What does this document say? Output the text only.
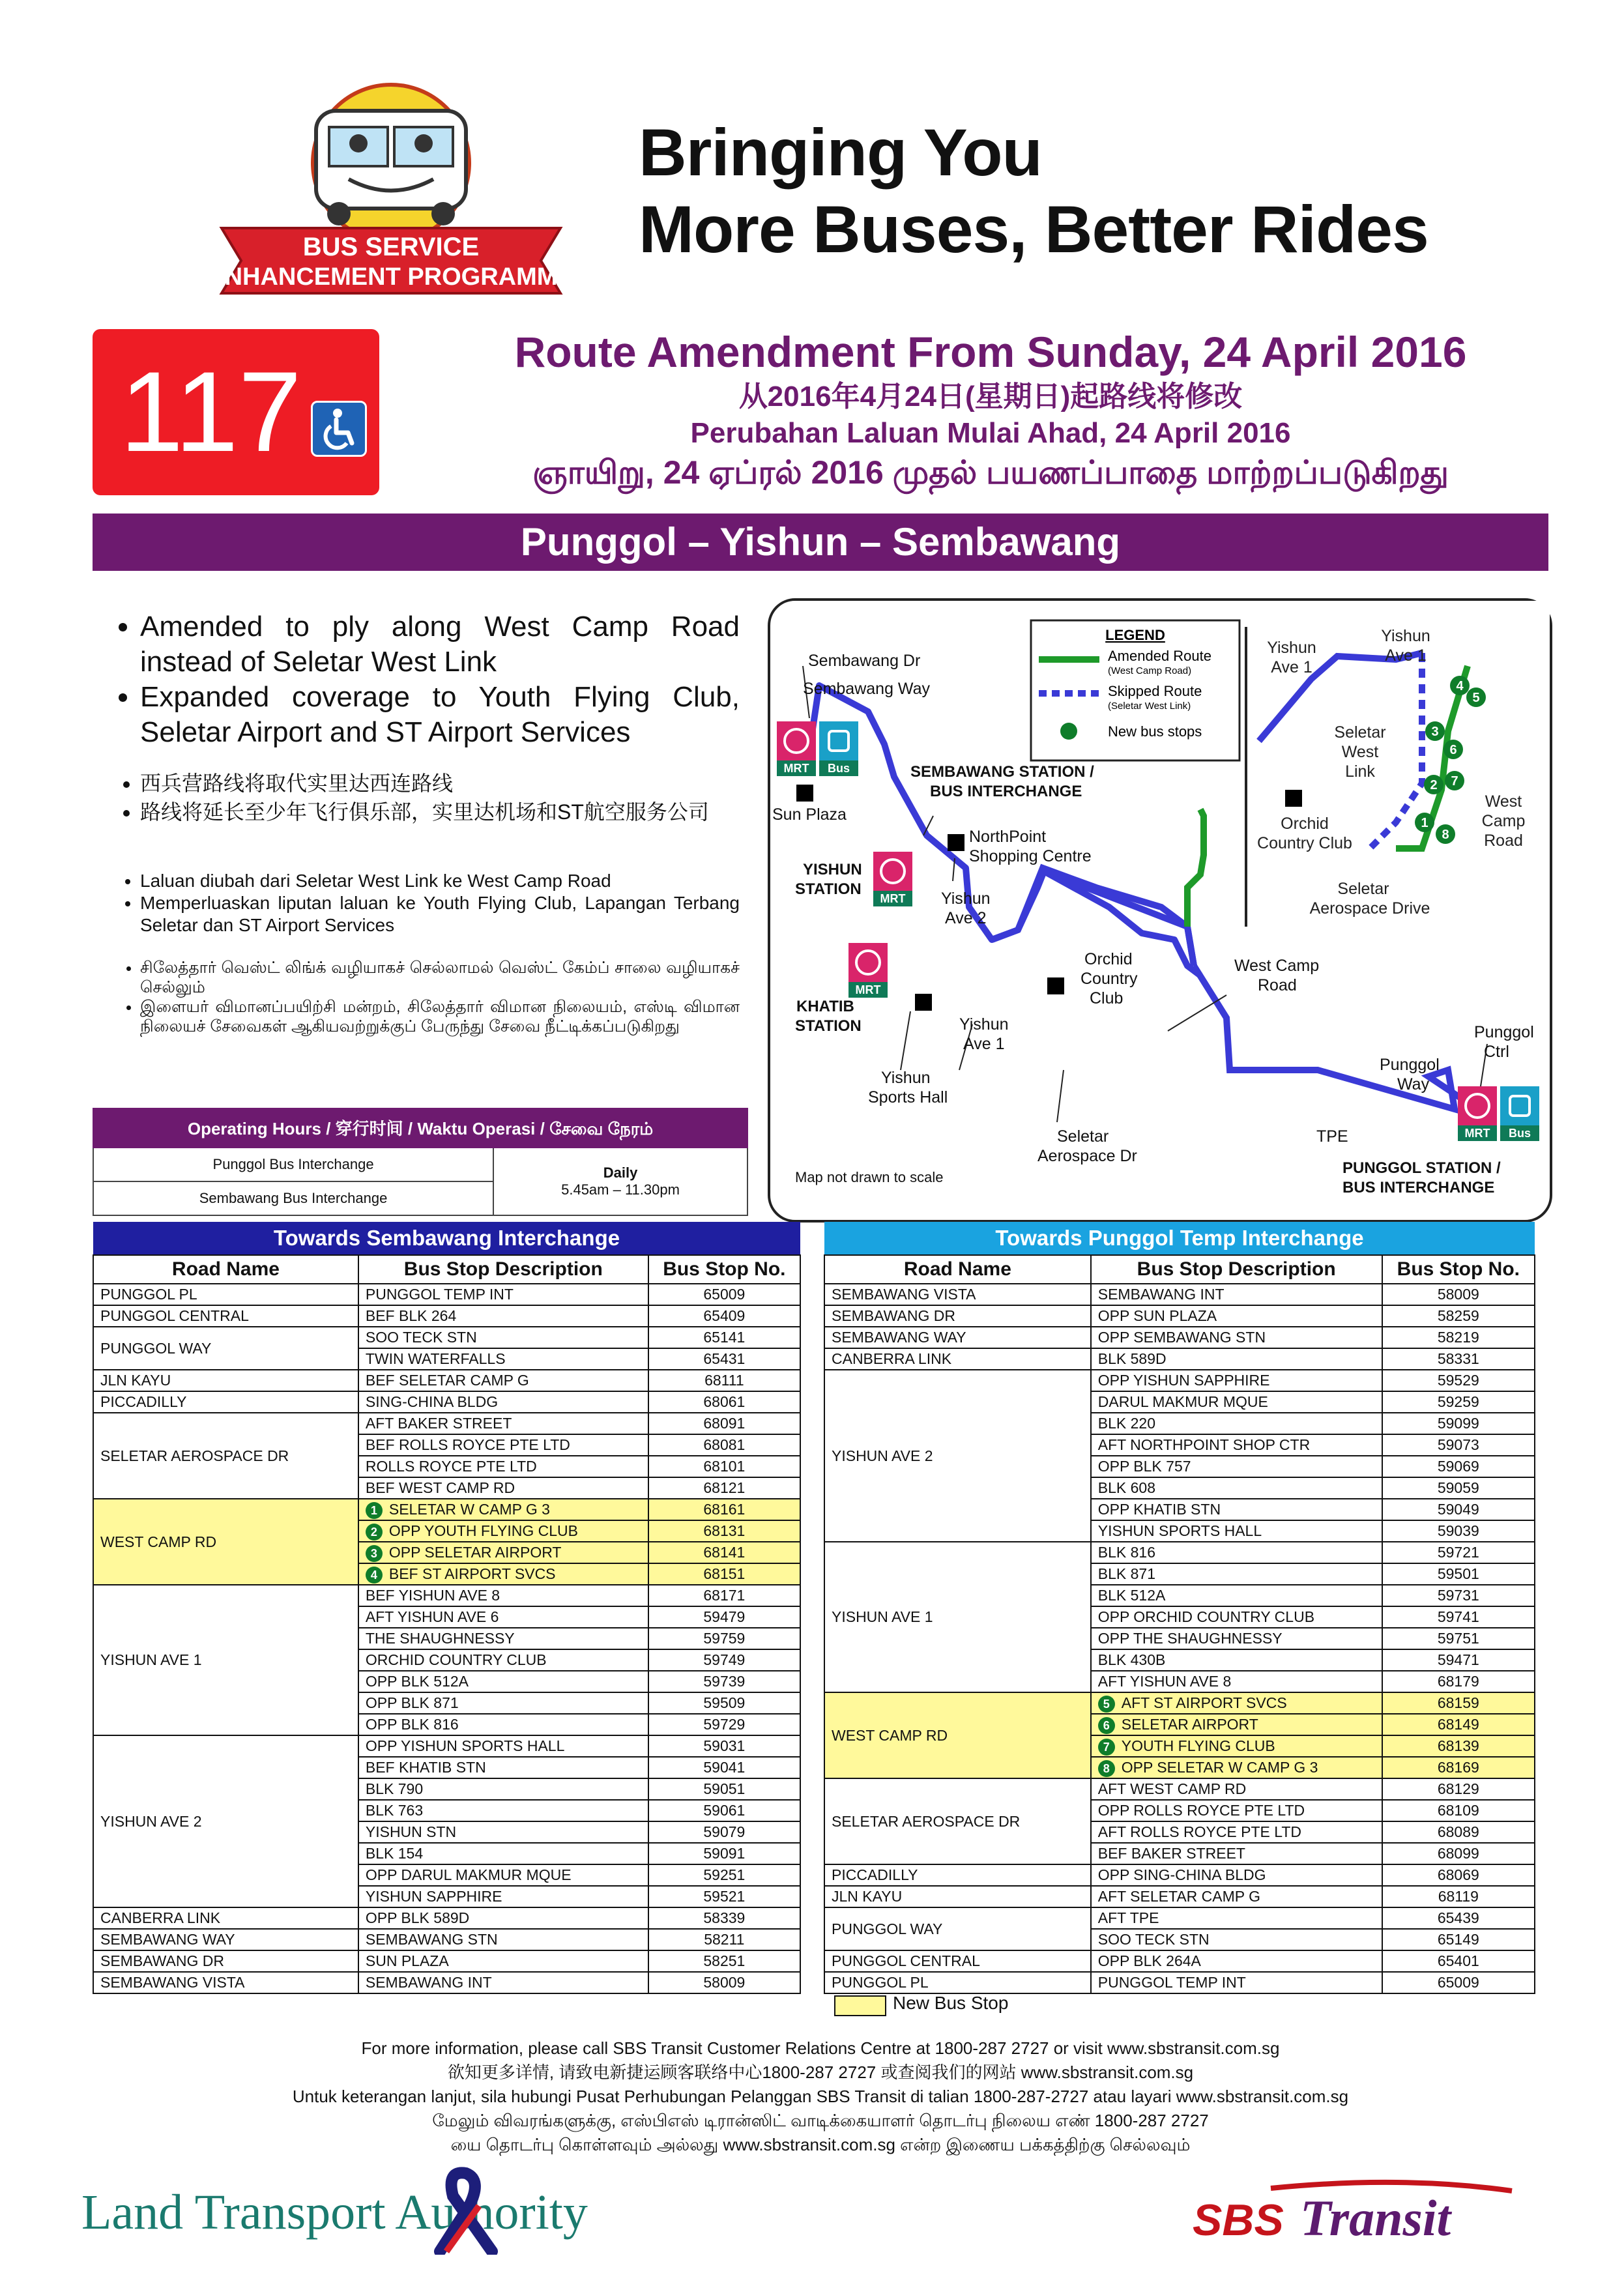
BUS SERVICE
ENHANCEMENT PROGRAMME
Bringing You
More Buses, Better Rides
117	Route Amendment From Sunday, 24 April 2016
从2016年4月24日(星期日)起路线将修改
Perubahan Laluan Mulai Ahad, 24 April 2016
ஞாயிறு, 24 ஏப்ரல் 2016 முதல் பயணப்பாதை மாற்றப்படுகிறது
Punggol – Yishun – Sembawang
• Amended to ply along West Camp Road instead of Seletar West Link
• Expanded coverage to Youth Flying Club, Seletar Airport and ST Airport Services
• 西兵营路线将取代实里达西连路线
• 路线将延长至少年飞行俱乐部，实里达机场和ST航空服务公司
• Laluan diubah dari Seletar West Link ke West Camp Road
• Memperluaskan liputan laluan ke Youth Flying Club, Lapangan Terbang Seletar dan ST Airport Services
• சிலேத்தார் வெஸ்ட் லிங்க் வழியாகச் செல்லாமல் வெஸ்ட் கேம்ப் சாலை வழியாகச் செல்லும்
• இளையர் விமானப்பயிற்சி மன்றம், சிலேத்தார் விமான நிலையம், எஸ்டி விமான நிலையச் சேவைகள் ஆகியவற்றுக்குப் பேருந்து சேவை நீட்டிக்கப்படுகிறது
Operating Hours / 穿行时间 / Waktu Operasi / சேவை நேரம்
Punggol Bus Interchange	
Daily
5.45am – 11.30pm

Sembawang Bus Interchange
4
5
3
6
2 7
1
8
Yishun
Ave 1
Yishun
Ave 1
Seletar
West
Link
Orchid
Country Club
West
Camp
Road
Seletar
Aerospace Drive
LEGEND
Amended Route
(West Camp Road)
Skipped Route
(Seletar West Link)
New bus stops
MRT Bus
MRT
MRT
MRT Bus
Sembawang Dr
Sembawang Way
Sun Plaza
SEMBAWANG STATION /
BUS INTERCHANGE
NorthPoint
Shopping Centre
YISHUN
STATION
Yishun
Ave 2
Orchid
Country
Club
West Camp
Road
KHATIB
STATION	Yishun
Ave 1
Yishun
Sports Hall
Seletar
Aerospace Dr
TPE
Punggol
Way
Punggol
Ctrl
PUNGGOL STATION /
BUS INTERCHANGE
Map not drawn to scale
Towards Sembawang Interchange		
Road Name	Bus Stop Description	Bus Stop No.
PUNGGOL PL	PUNGGOL TEMP INT	65009
PUNGGOL CENTRAL	BEF BLK 264	65409
PUNGGOL WAY	SOO TECK STN	65141
	TWIN WATERFALLS	65431
JLN KAYU	BEF SELETAR CAMP G	68111
PICCADILLY	SING-CHINA BLDG	68061
SELETAR AEROSPACE DR	AFT BAKER STREET	68091
	BEF ROLLS ROYCE PTE LTD	68081
	ROLLS ROYCE PTE LTD	68101
	BEF WEST CAMP RD	68121
WEST CAMP RD	1 SELETAR W CAMP G 3	68161
	2 OPP YOUTH FLYING CLUB	68131
	3 OPP SELETAR AIRPORT	68141
	4 BEF ST AIRPORT SVCS	68151
YISHUN AVE 1	BEF YISHUN AVE 8	68171
	AFT YISHUN AVE 6	59479
	THE SHAUGHNESSY	59759
	ORCHID COUNTRY CLUB	59749
	OPP BLK 512A	59739
	OPP BLK 871	59509
	OPP BLK 816	59729
YISHUN AVE 2	OPP YISHUN SPORTS HALL	59031
	BEF KHATIB STN	59041
	BLK 790	59051
	BLK 763	59061
	YISHUN STN	59079
	BLK 154	59091
	OPP DARUL MAKMUR MQUE	59251
	YISHUN SAPPHIRE	59521
CANBERRA LINK	OPP BLK 589D	58339
SEMBAWANG WAY	SEMBAWANG STN	58211
SEMBAWANG DR	SUN PLAZA	58251
SEMBAWANG VISTA	SEMBAWANG INT	58009
Towards Punggol Temp Interchange		
Road Name	Bus Stop Description	Bus Stop No.
SEMBAWANG VISTA	SEMBAWANG INT	58009
SEMBAWANG DR	OPP SUN PLAZA	58259
SEMBAWANG WAY	OPP SEMBAWANG STN	58219
CANBERRA LINK	BLK 589D	58331
YISHUN AVE 2	OPP YISHUN SAPPHIRE	59529
	DARUL MAKMUR MQUE	59259
	BLK 220	59099
	AFT NORTHPOINT SHOP CTR	59073
	OPP BLK 757	59069
	BLK 608	59059
	OPP KHATIB STN	59049
	YISHUN SPORTS HALL	59039
YISHUN AVE 1	BLK 816	59721
	BLK 871	59501
	BLK 512A	59731
	OPP ORCHID COUNTRY CLUB	59741
	OPP THE SHAUGHNESSY	59751
	BLK 430B	59471
	AFT YISHUN AVE 8	68179
WEST CAMP RD	5 AFT ST AIRPORT SVCS	68159
	6 SELETAR AIRPORT	68149
	7 YOUTH FLYING CLUB	68139
	8 OPP SELETAR W CAMP G 3	68169
SELETAR AEROSPACE DR	AFT WEST CAMP RD	68129
	OPP ROLLS ROYCE PTE LTD	68109
	AFT ROLLS ROYCE PTE LTD	68089
	BEF BAKER STREET	68099
PICCADILLY	OPP SING-CHINA BLDG	68069
JLN KAYU	AFT SELETAR CAMP G	68119
PUNGGOL WAY	AFT TPE	65439
	SOO TECK STN	65149
PUNGGOL CENTRAL	OPP BLK 264A	65401
PUNGGOL PL	PUNGGOL TEMP INT	65009
New Bus Stop
For more information, please call SBS Transit Customer Relations Centre at 1800-287 2727 or visit www.sbstransit.com.sg
欲知更多详情, 请致电新捷运顾客联络中心1800-287 2727 或查阅我们的网站 www.sbstransit.com.sg
Untuk keterangan lanjut, sila hubungi Pusat Perhubungan Pelanggan SBS Transit di talian 1800-287-2727 atau layari www.sbstransit.com.sg
மேலும் விவரங்களுக்கு, எஸ்பிஎஸ் டிரான்ஸிட் வாடிக்கையாளர் தொடர்பு நிலைய எண் 1800-287 2727
யை தொடர்பு கொள்ளவும் அல்லது www.sbstransit.com.sg என்ற இணைய பக்கத்திற்கு செல்லவும்
Land Transport Authority	SBS Transit
